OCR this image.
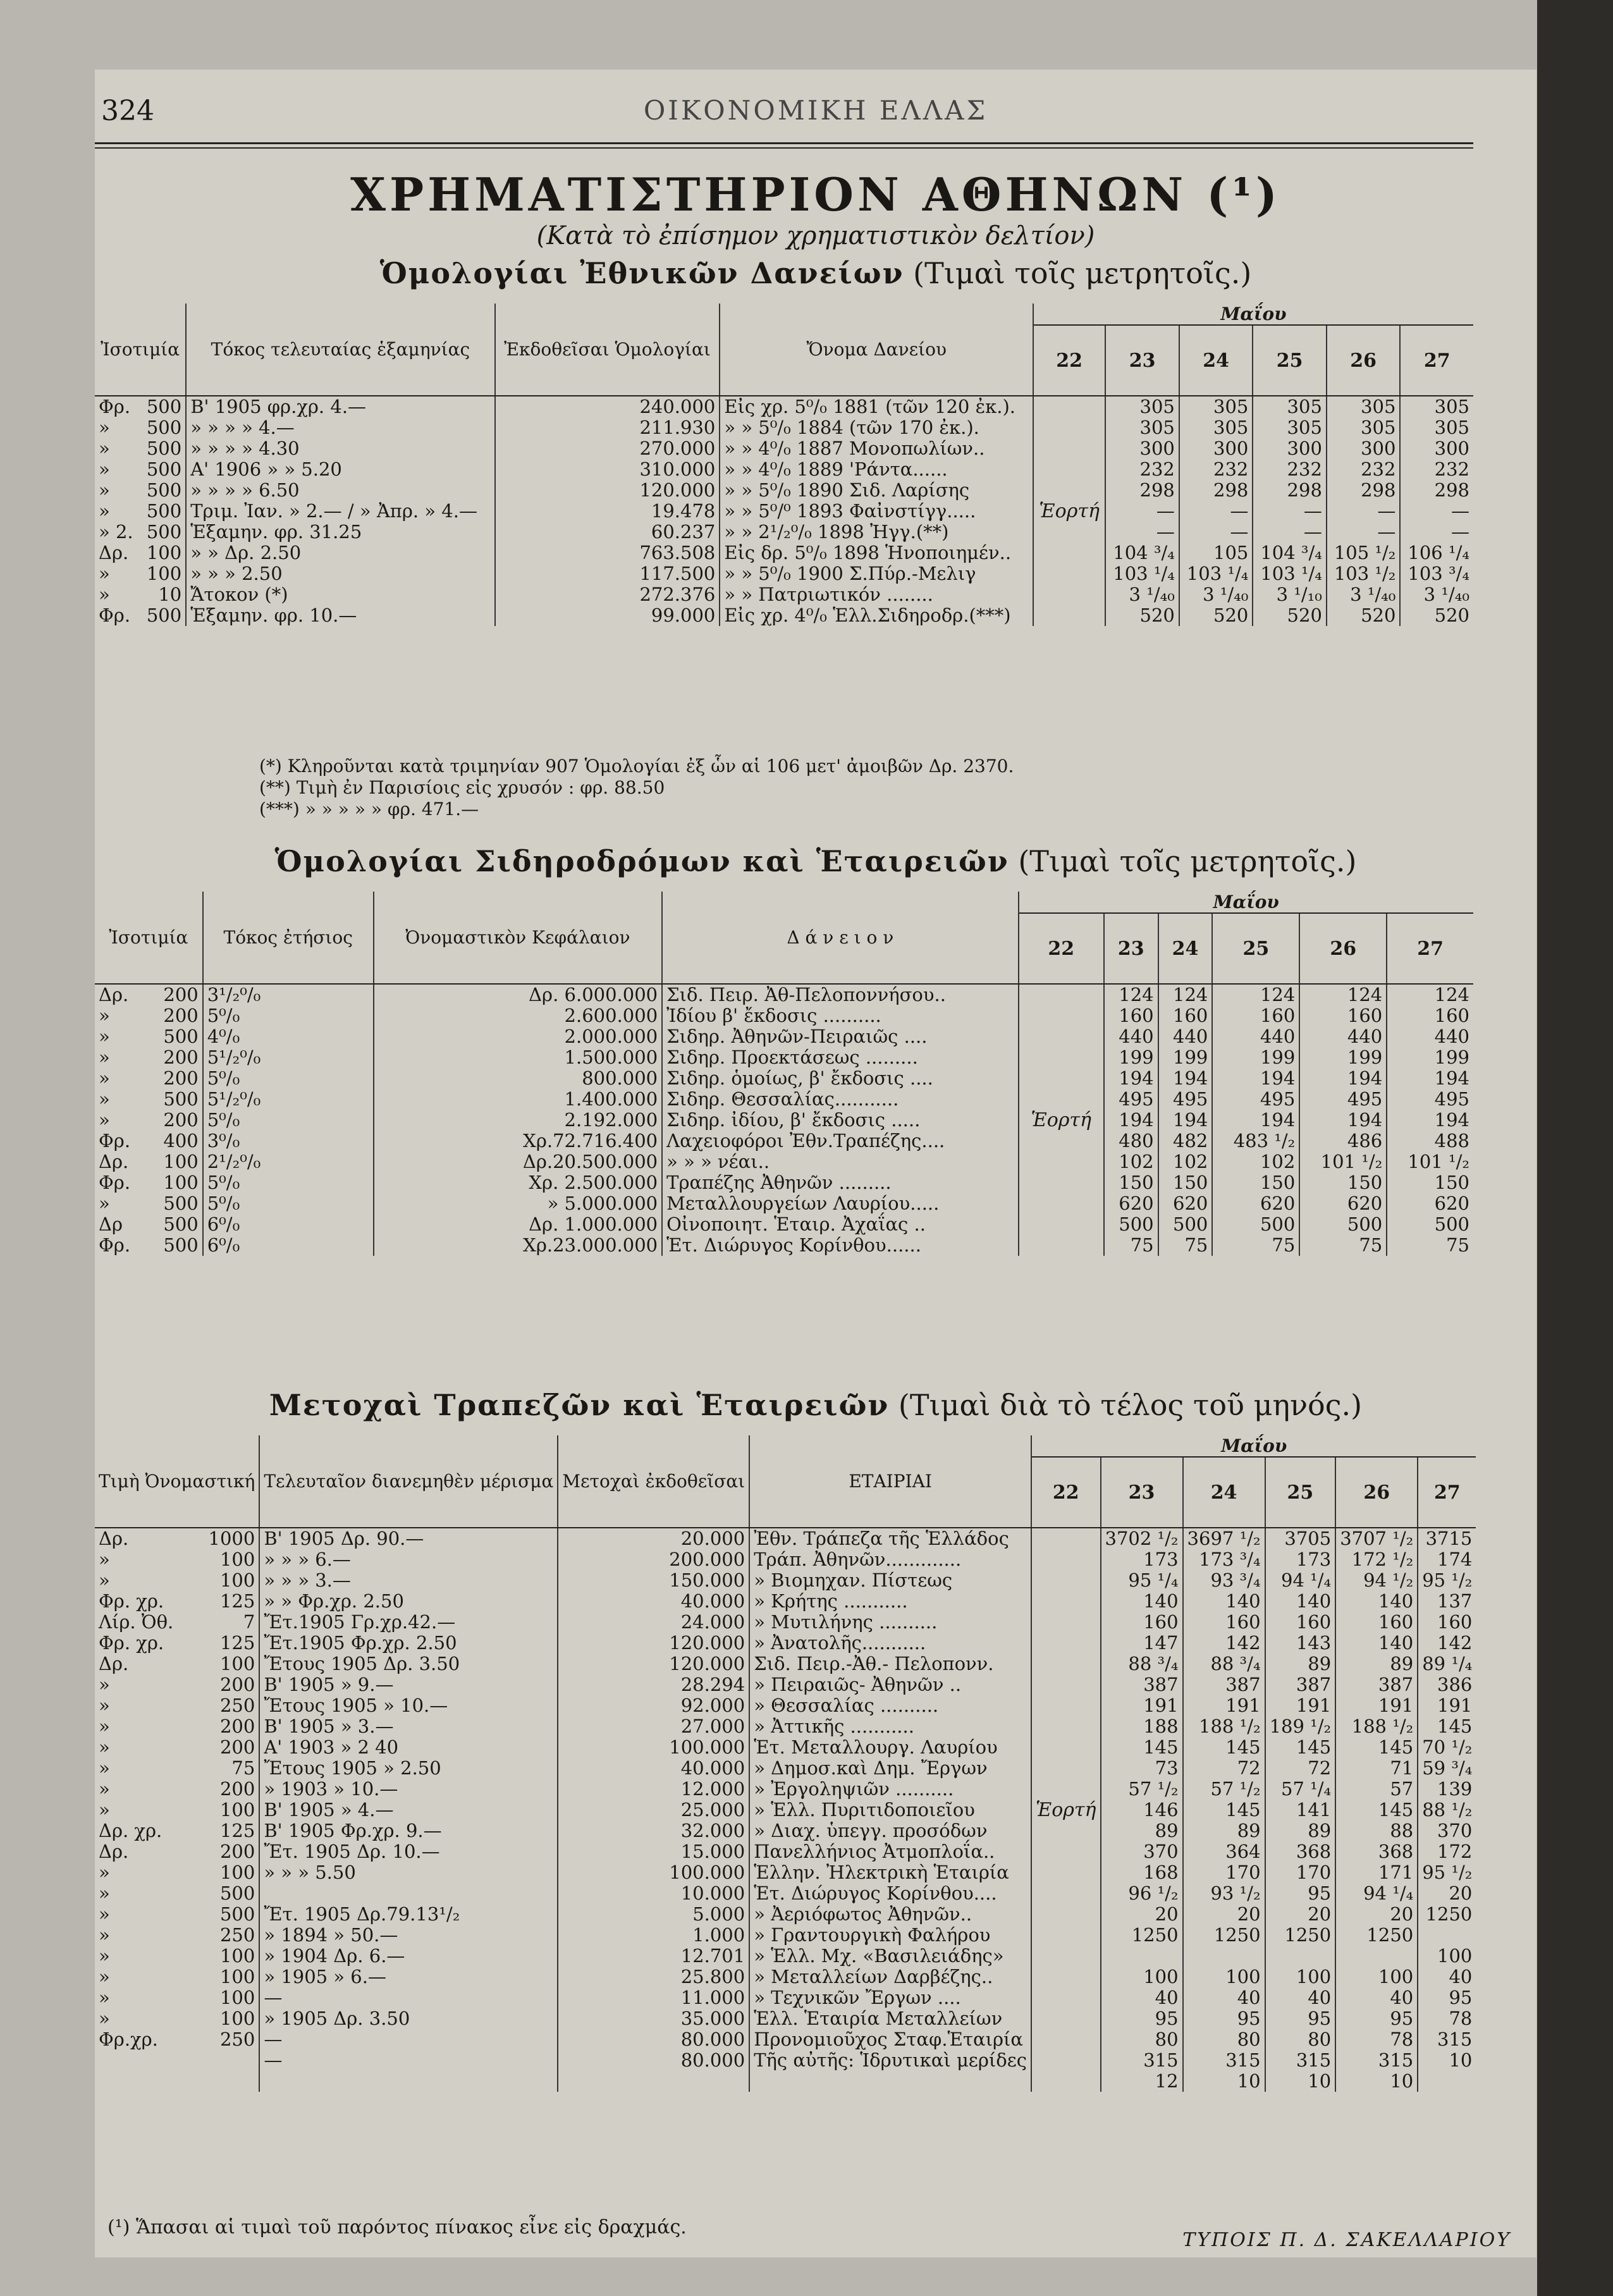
324	ΟΙΚΟΝΟΜΙΚΗ ΕΛΛΑΣ
ΧΡΗΜΑΤΙΣΤΗΡΙΟΝ ΑΘΗΝΩΝ (¹)
(Κατὰ τὸ ἐπίσημον χρηματιστικὸν δελτίον)
Ὁμολογίαι Ἐθνικῶν Δανείων (Τιμαὶ τοῖς μετρητοῖς.)
Ἰσοτιμία		Τόκος τελευταίας ἑξαμηνίας	Ἐκδοθεῖσαι Ὁμολογίαι	Ὄνομα Δανείου	Μαΐου					
					22	23	24	25	26	27
Φρ.	500	Β' 1905 φρ.χρ. 4.—	240.000	Εἰς χρ. 5⁰/₀ 1881 (τῶν 120 ἐκ.).	Ἑορτή	305	305	305	305	305
»	500	» » » » 4.—	211.930	» » 5⁰/₀ 1884 (τῶν 170 ἐκ.).		305	305	305	305	305
»	500	» » » » 4.30	270.000	» » 4⁰/₀ 1887 Μονοπωλίων..		300	300	300	300	300
»	500	Α' 1906 » » 5.20	310.000	» » 4⁰/₀ 1889 'Ράντα......		232	232	232	232	232
»	500	» » » » 6.50	120.000	» » 5⁰/₀ 1890 Σιδ. Λαρίσης		298	298	298	298	298
»	500	Τριμ. Ἰαν. » 2.— / » Ἀπρ. » 4.—	19.478	» » 5⁰/⁰ 1893 Φαἰνστίγγ.....		—	—	—	—	—
» 2.	500	Ἑξαμην. φρ. 31.25	60.237	» » 2¹/₂⁰/₀ 1898 Ἠγγ.(**)		—	—	—	—	—
Δρ.	100	» » Δρ. 2.50	763.508	Εἰς δρ. 5⁰/₀ 1898 Ἡνοποιημέν..		104 ³/₄	105	104 ³/₄	105 ¹/₂	106 ¹/₄
»	100	» » » 2.50	117.500	» » 5⁰/₀ 1900 Σ.Πύρ.-Μελιγ		103 ¹/₄	103 ¹/₄	103 ¹/₄	103 ¹/₂	103 ³/₄
»	10	Ἄτοκον (*)	272.376	» » Πατριωτικόν ........		3 ¹/₄₀	3 ¹/₄₀	3 ¹/₁₀	3 ¹/₄₀	3 ¹/₄₀
Φρ.	500	Ἑξαμην. φρ. 10.—	99.000	Εἰς χρ. 4⁰/₀ Ἑλλ.Σιδηροδρ.(***)		520	520	520	520	520
(*) Κληροῦνται κατὰ τριμηνίαν 907 Ὁμολογίαι ἐξ ὧν αἱ 106 μετ' ἀμοιβῶν Δρ. 2370.
(**) Τιμὴ ἐν Παρισίοις εἰς χρυσόν : φρ. 88.50
(***) » » » » » φρ. 471.—
Ὁμολογίαι Σιδηροδρόμων καὶ Ἑταιρειῶν (Τιμαὶ τοῖς μετρητοῖς.)
Ἰσοτιμία		Τόκος ἐτήσιος	Ὀνομαστικὸν Κεφάλαιον	Δ ά ν ε ι ο ν	Μαΐου					
					22	23	24	25	26	27
Δρ.	200	3¹/₂⁰/₀	Δρ. 6.000.000	Σιδ. Πειρ. Ἀθ-Πελοποννήσου..	Ἑορτή	124	124	124	124	124
»	200	5⁰/₀	2.600.000	Ἰδίου β' ἔκδοσις ..........		160	160	160	160	160
»	500	4⁰/₀	2.000.000	Σιδηρ. Ἀθηνῶν-Πειραιῶς ....		440	440	440	440	440
»	200	5¹/₂⁰/₀	1.500.000	Σιδηρ. Προεκτάσεως .........		199	199	199	199	199
»	200	5⁰/₀	800.000	Σιδηρ. ὁμοίως, β' ἔκδοσις ....		194	194	194	194	194
»	500	5¹/₂⁰/₀	1.400.000	Σιδηρ. Θεσσαλίας...........		495	495	495	495	495
»	200	5⁰/₀	2.192.000	Σιδηρ. ἰδίου, β' ἔκδοσις .....		194	194	194	194	194
Φρ.	400	3⁰/₀	Χρ.72.716.400	Λαχειοφόροι Ἐθν.Τραπέζης....		480	482	483 ¹/₂	486	488
Δρ.	100	2¹/₂⁰/₀	Δρ.20.500.000	» » » νέαι..		102	102	102	101 ¹/₂	101 ¹/₂
Φρ.	100	5⁰/₀	Χρ. 2.500.000	Τραπέζης Ἀθηνῶν .........		150	150	150	150	150
»	500	5⁰/₀	» 5.000.000	Μεταλλουργείων Λαυρίου.....		620	620	620	620	620
Δρ	500	6⁰/₀	Δρ. 1.000.000	Οἰνοποιητ. Ἑταιρ. Ἀχαΐας ..		500	500	500	500	500
Φρ.	500	6⁰/₀	Χρ.23.000.000	Ἑτ. Διώρυγος Κορίνθου......		75	75	75	75	75
Μετοχαὶ Τραπεζῶν καὶ Ἑταιρειῶν (Τιμαὶ διὰ τὸ τέλος τοῦ μηνός.)
Τιμὴ Ὀνομαστική		Τελευταῖον διανεμηθὲν μέρισμα	Μετοχαὶ ἐκδοθεῖσαι	ΕΤΑΙΡΙΑΙ	Μαΐου					
					22	23	24	25	26	27
Δρ.	1000	Β' 1905 Δρ. 90.—	20.000	Ἐθν. Τράπεζα τῆς Ἑλλάδος	Ἑορτή	3702 ¹/₂	3697 ¹/₂	3705	3707 ¹/₂	3715
»	100	» » » 6.—	200.000	Τράπ. Ἀθηνῶν.............		173	173 ³/₄	173	172 ¹/₂	174
»	100	» » » 3.—	150.000	» Βιομηχαν. Πίστεως		95 ¹/₄	93 ³/₄	94 ¹/₄	94 ¹/₂	95 ¹/₂
Φρ. χρ.	125	» » Φρ.χρ. 2.50	40.000	» Κρήτης ...........		140	140	140	140	137
Λίρ. Ὀθ.	7	Ἔτ.1905 Γρ.χρ.42.—	24.000	» Μυτιλήνης ..........		160	160	160	160	160
Φρ. χρ.	125	Ἔτ.1905 Φρ.χρ. 2.50	120.000	» Ἀνατολῆς...........		147	142	143	140	142
Δρ.	100	Ἔτους 1905 Δρ. 3.50	120.000	Σιδ. Πειρ.-Ἀθ.- Πελοπονν.		88 ³/₄	88 ³/₄	89	89	89 ¹/₄
»	200	Β' 1905 » 9.—	28.294	» Πειραιῶς- Ἀθηνῶν ..		387	387	387	387	386
»	250	Ἔτους 1905 » 10.—	92.000	» Θεσσαλίας ..........		191	191	191	191	191
»	200	Β' 1905 » 3.—	27.000	» Ἀττικῆς ...........		188	188 ¹/₂	189 ¹/₂	188 ¹/₂	145
»	200	Α' 1903 » 2 40	100.000	Ἑτ. Μεταλλουργ. Λαυρίου		145	145	145	145	70 ¹/₂
»	75	Ἔτους 1905 » 2.50	40.000	» Δημοσ.καὶ Δημ. Ἔργων		73	72	72	71	59 ³/₄
»	200	» 1903 » 10.—	12.000	» Ἐργοληψιῶν ..........		57 ¹/₂	57 ¹/₂	57 ¹/₄	57	139
»	100	Β' 1905 » 4.—	25.000	» Ἑλλ. Πυριτιδοποιεῖου		146	145	141	145	88 ¹/₂
Δρ. χρ.	125	Β' 1905 Φρ.χρ. 9.—	32.000	» Διαχ. ὑπεγγ. προσόδων		89	89	89	88	370
Δρ.	200	Ἔτ. 1905 Δρ. 10.—	15.000	Πανελλήνιος Ἀτμοπλοΐα..		370	364	368	368	172
»	100	» » » 5.50	100.000	Ἑλλην. Ἠλεκτρικὴ Ἑταιρία		168	170	170	171	95 ¹/₂
»	500		10.000	Ἑτ. Διώρυγος Κορίνθου....		96 ¹/₂	93 ¹/₂	95	94 ¹/₄	20
»	500	Ἔτ. 1905 Δρ.79.13¹/₂	5.000	» Ἀεριόφωτος Ἀθηνῶν..		20	20	20	20	1250
»	250	» 1894 » 50.—	1.000	» Γραντουργικὴ Φαλήρου		1250	1250	1250	1250	
»	100	» 1904 Δρ. 6.—	12.701	» Ἑλλ. Μχ. «Βασιλειάδης»						100
»	100	» 1905 » 6.—	25.800	» Μεταλλείων Δαρβέζης..		100	100	100	100	40
»	100	—	11.000	» Τεχνικῶν Ἔργων ....		40	40	40	40	95
»	100	» 1905 Δρ. 3.50	35.000	Ἑλλ. Ἑταιρία Μεταλλείων		95	95	95	95	78
Φρ.χρ.	250	—	80.000	Προνομιοῦχος Σταφ.Ἑταιρία		80	80	80	78	315
		—	80.000	Τῆς αὐτῆς: Ἱδρυτικαὶ μερίδες		315	315	315	315	10
						12	10	10	10	
(¹) Ἅπασαι αἱ τιμαὶ τοῦ παρόντος πίνακος εἶνε εἰς δραχμάς.
ΤΥΠΟΙΣ Π. Δ. ΣΑΚΕΛΛΑΡΙΟΥ
